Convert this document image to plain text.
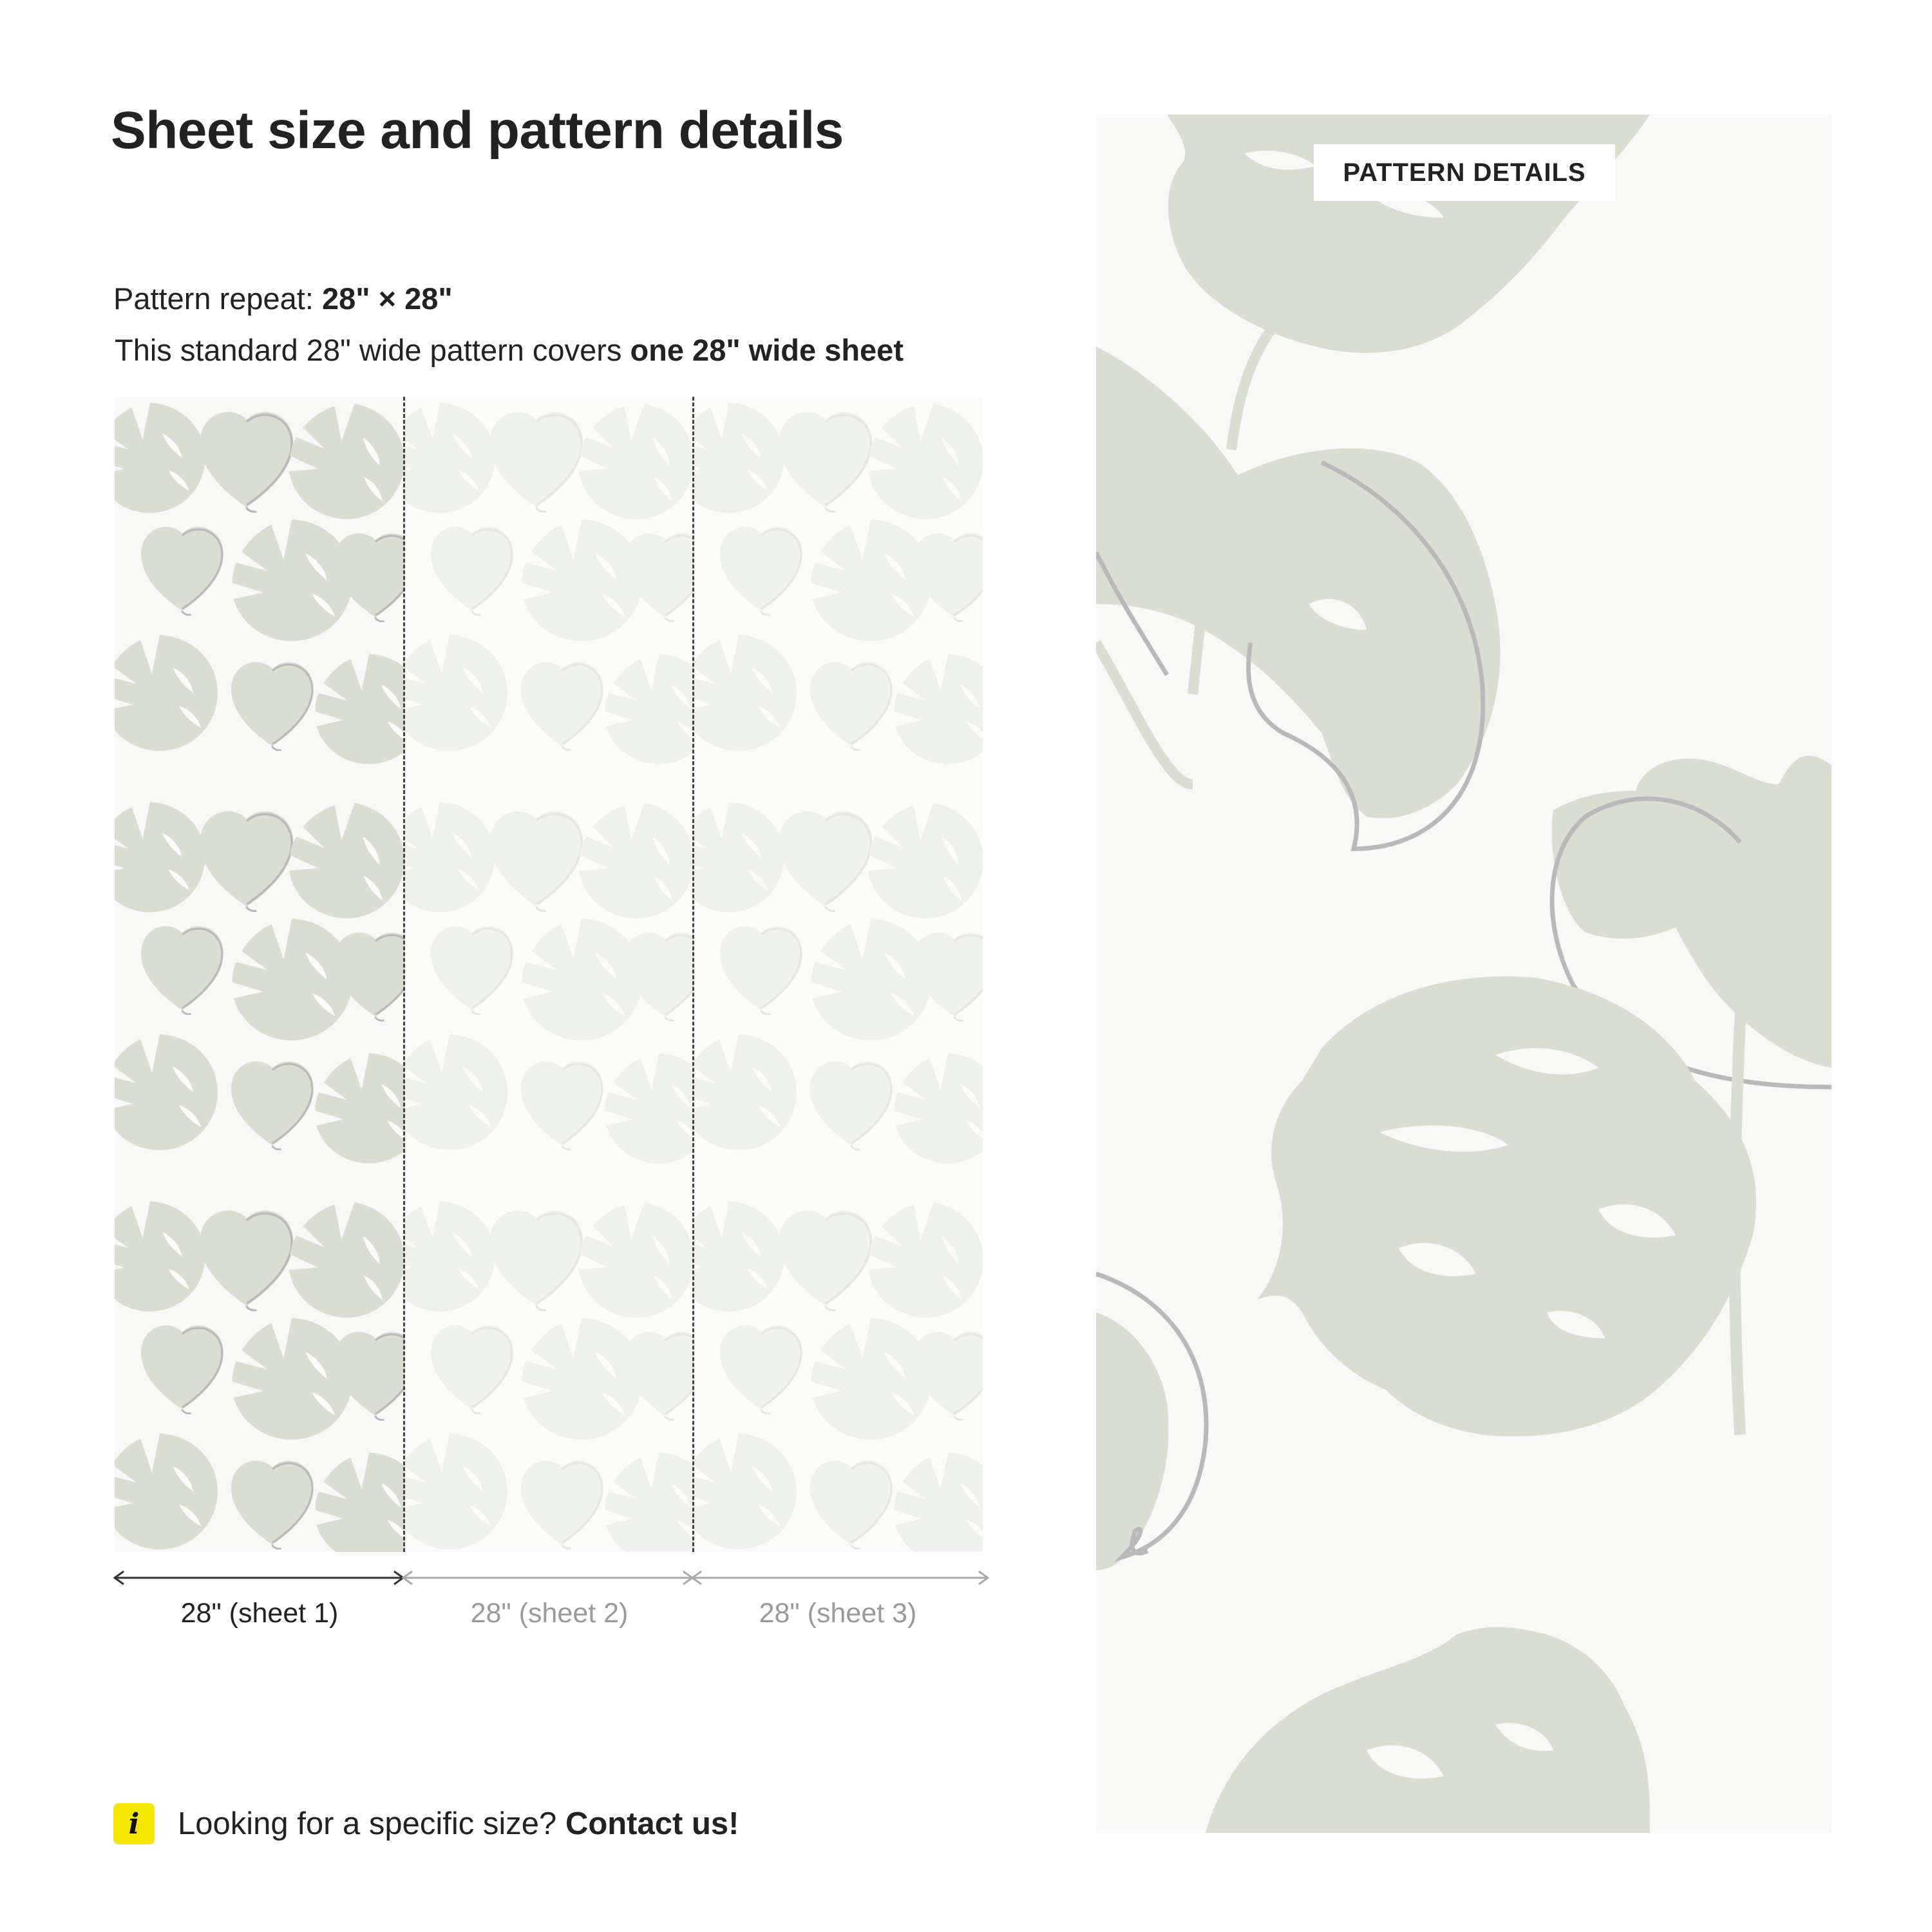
Sheet size and pattern details
Pattern repeat: 28" × 28"
This standard 28" wide pattern covers one 28" wide sheet
28" (sheet 1)	28" (sheet 2)	28" (sheet 3)
PATTERN DETAILS
i	Looking for a specific size? Contact us!
